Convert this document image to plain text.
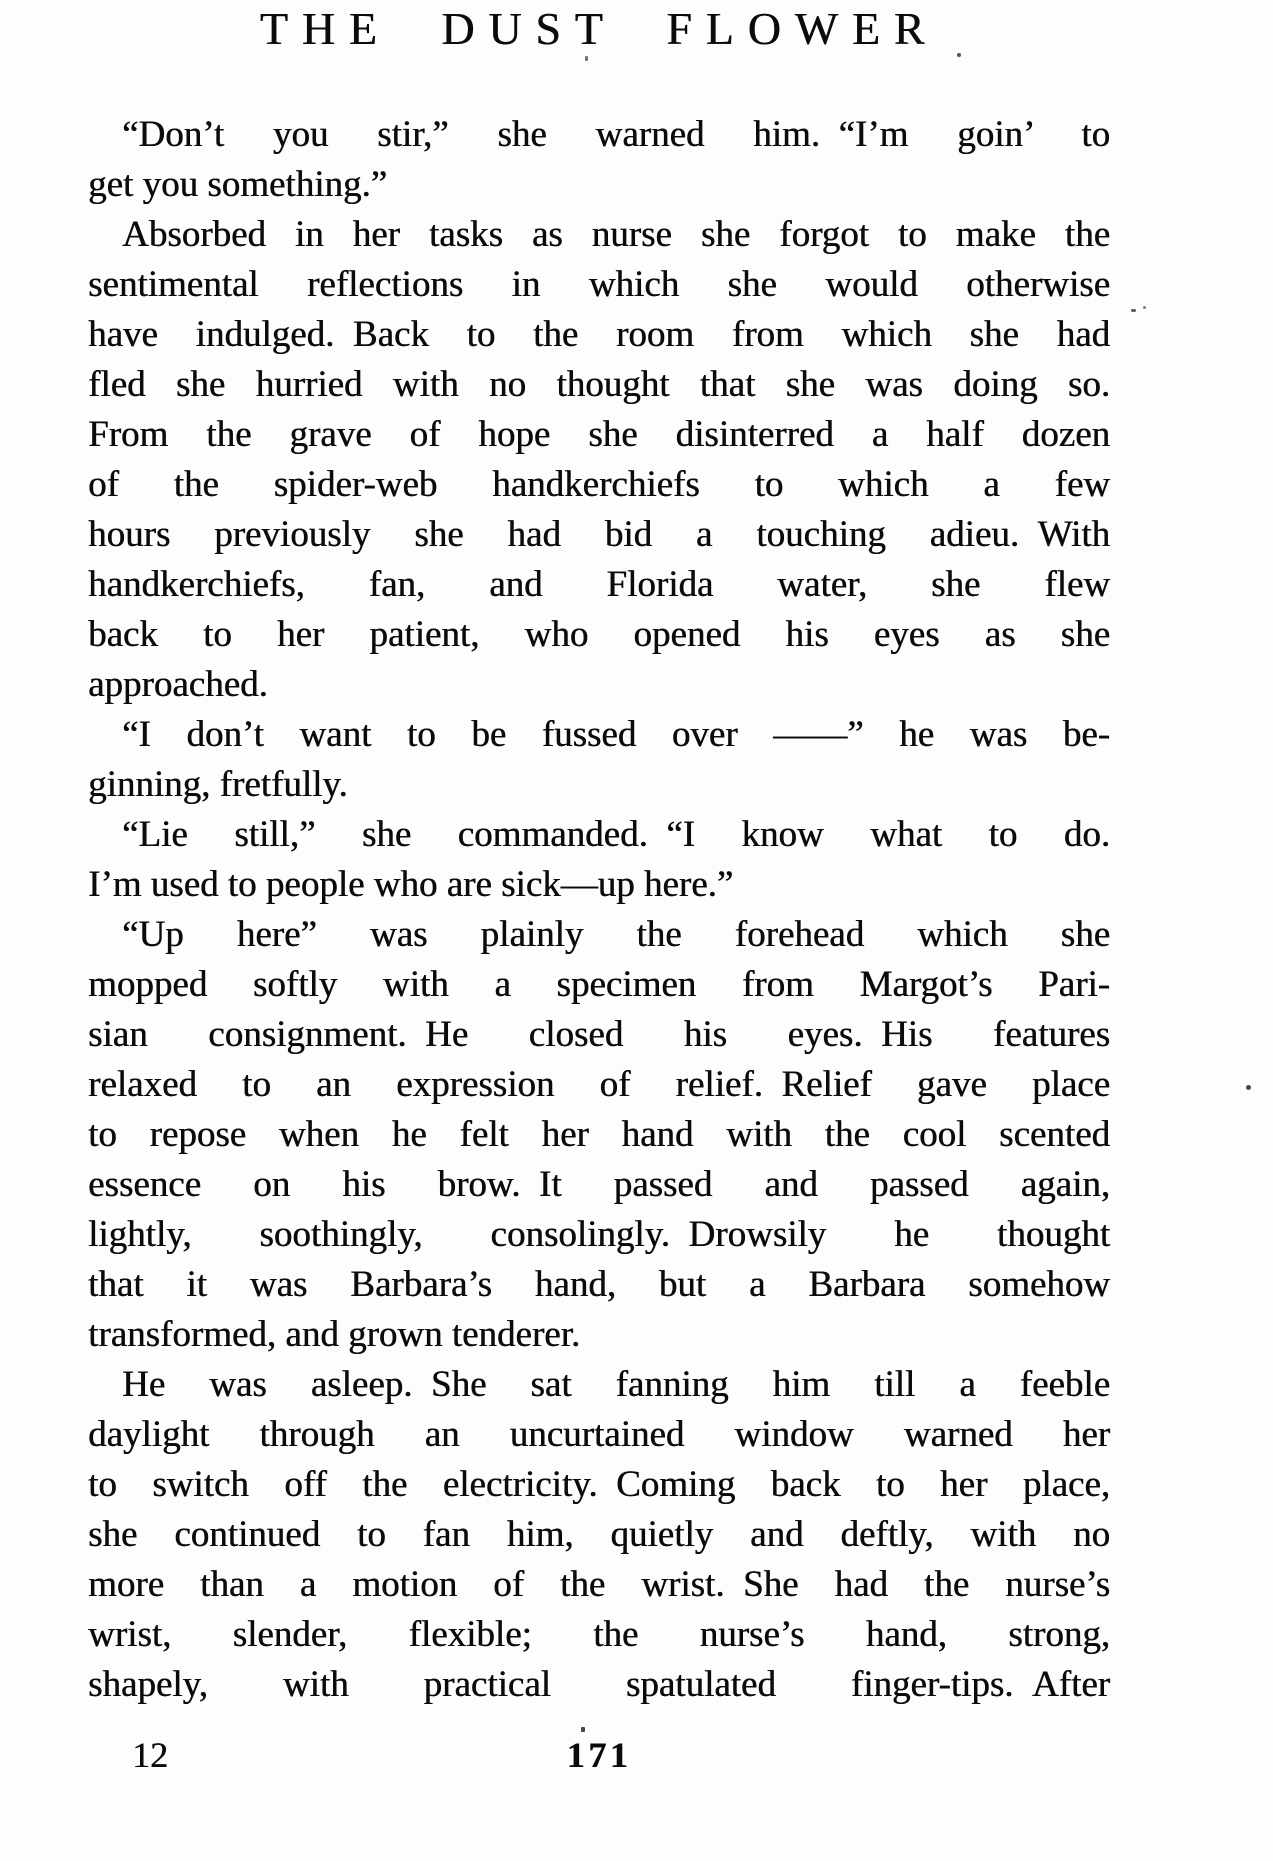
THE DUST FLOWER
“Don’t you stir,” she warned him. “I’m goin’ to
get you something.”
Absorbed in her tasks as nurse she forgot to make the
sentimental reflections in which she would otherwise
have indulged. Back to the room from which she had
fled she hurried with no thought that she was doing so.
From the grave of hope she disinterred a half dozen
of the spider-web handkerchiefs to which a few
hours previously she had bid a touching adieu. With
handkerchiefs, fan, and Florida water, she flew
back to her patient, who opened his eyes as she
approached.
“I don’t want to be fussed over ——” he was be-
ginning, fretfully.
“Lie still,” she commanded. “I know what to do.
I’m used to people who are sick—up here.”
“Up here” was plainly the forehead which she
mopped softly with a specimen from Margot’s Pari-
sian consignment. He closed his eyes. His features
relaxed to an expression of relief. Relief gave place
to repose when he felt her hand with the cool scented
essence on his brow. It passed and passed again,
lightly, soothingly, consolingly. Drowsily he thought
that it was Barbara’s hand, but a Barbara somehow
transformed, and grown tenderer.
He was asleep. She sat fanning him till a feeble
daylight through an uncurtained window warned her
to switch off the electricity. Coming back to her place,
she continued to fan him, quietly and deftly, with no
more than a motion of the wrist. She had the nurse’s
wrist, slender, flexible; the nurse’s hand, strong,
shapely, with practical spatulated finger-tips. After
12	171
